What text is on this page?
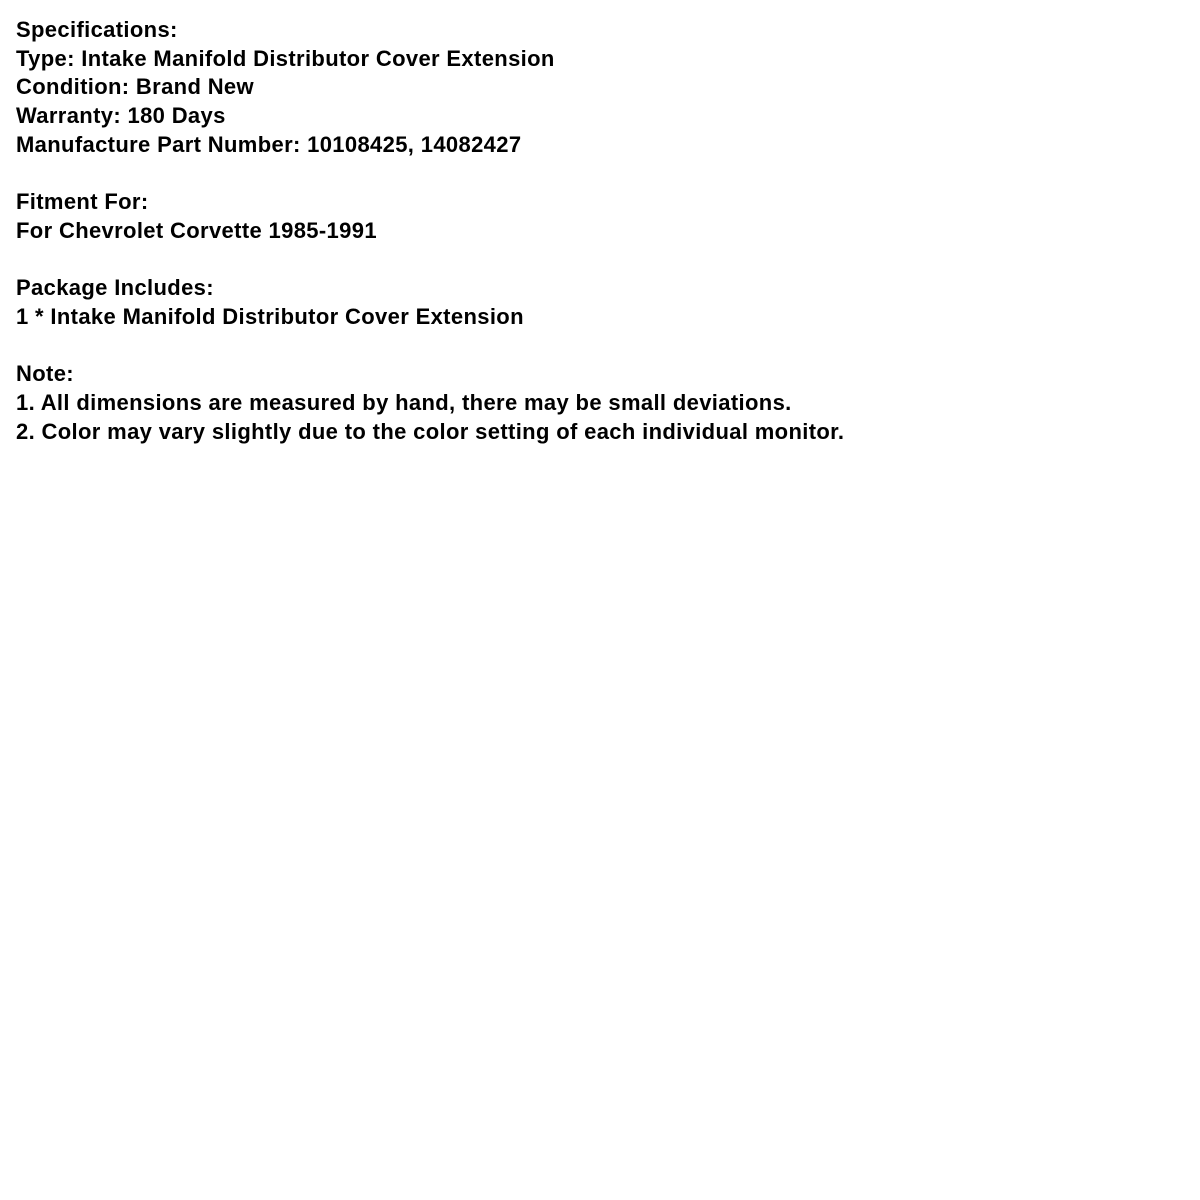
Specifications:
Type: Intake Manifold Distributor Cover Extension
Condition: Brand New
Warranty: 180 Days
Manufacture Part Number: 10108425, 14082427
Fitment For:
For Chevrolet Corvette 1985-1991
Package Includes:
1 * Intake Manifold Distributor Cover Extension
Note:
1. All dimensions are measured by hand, there may be small deviations.
2. Color may vary slightly due to the color setting of each individual monitor.
